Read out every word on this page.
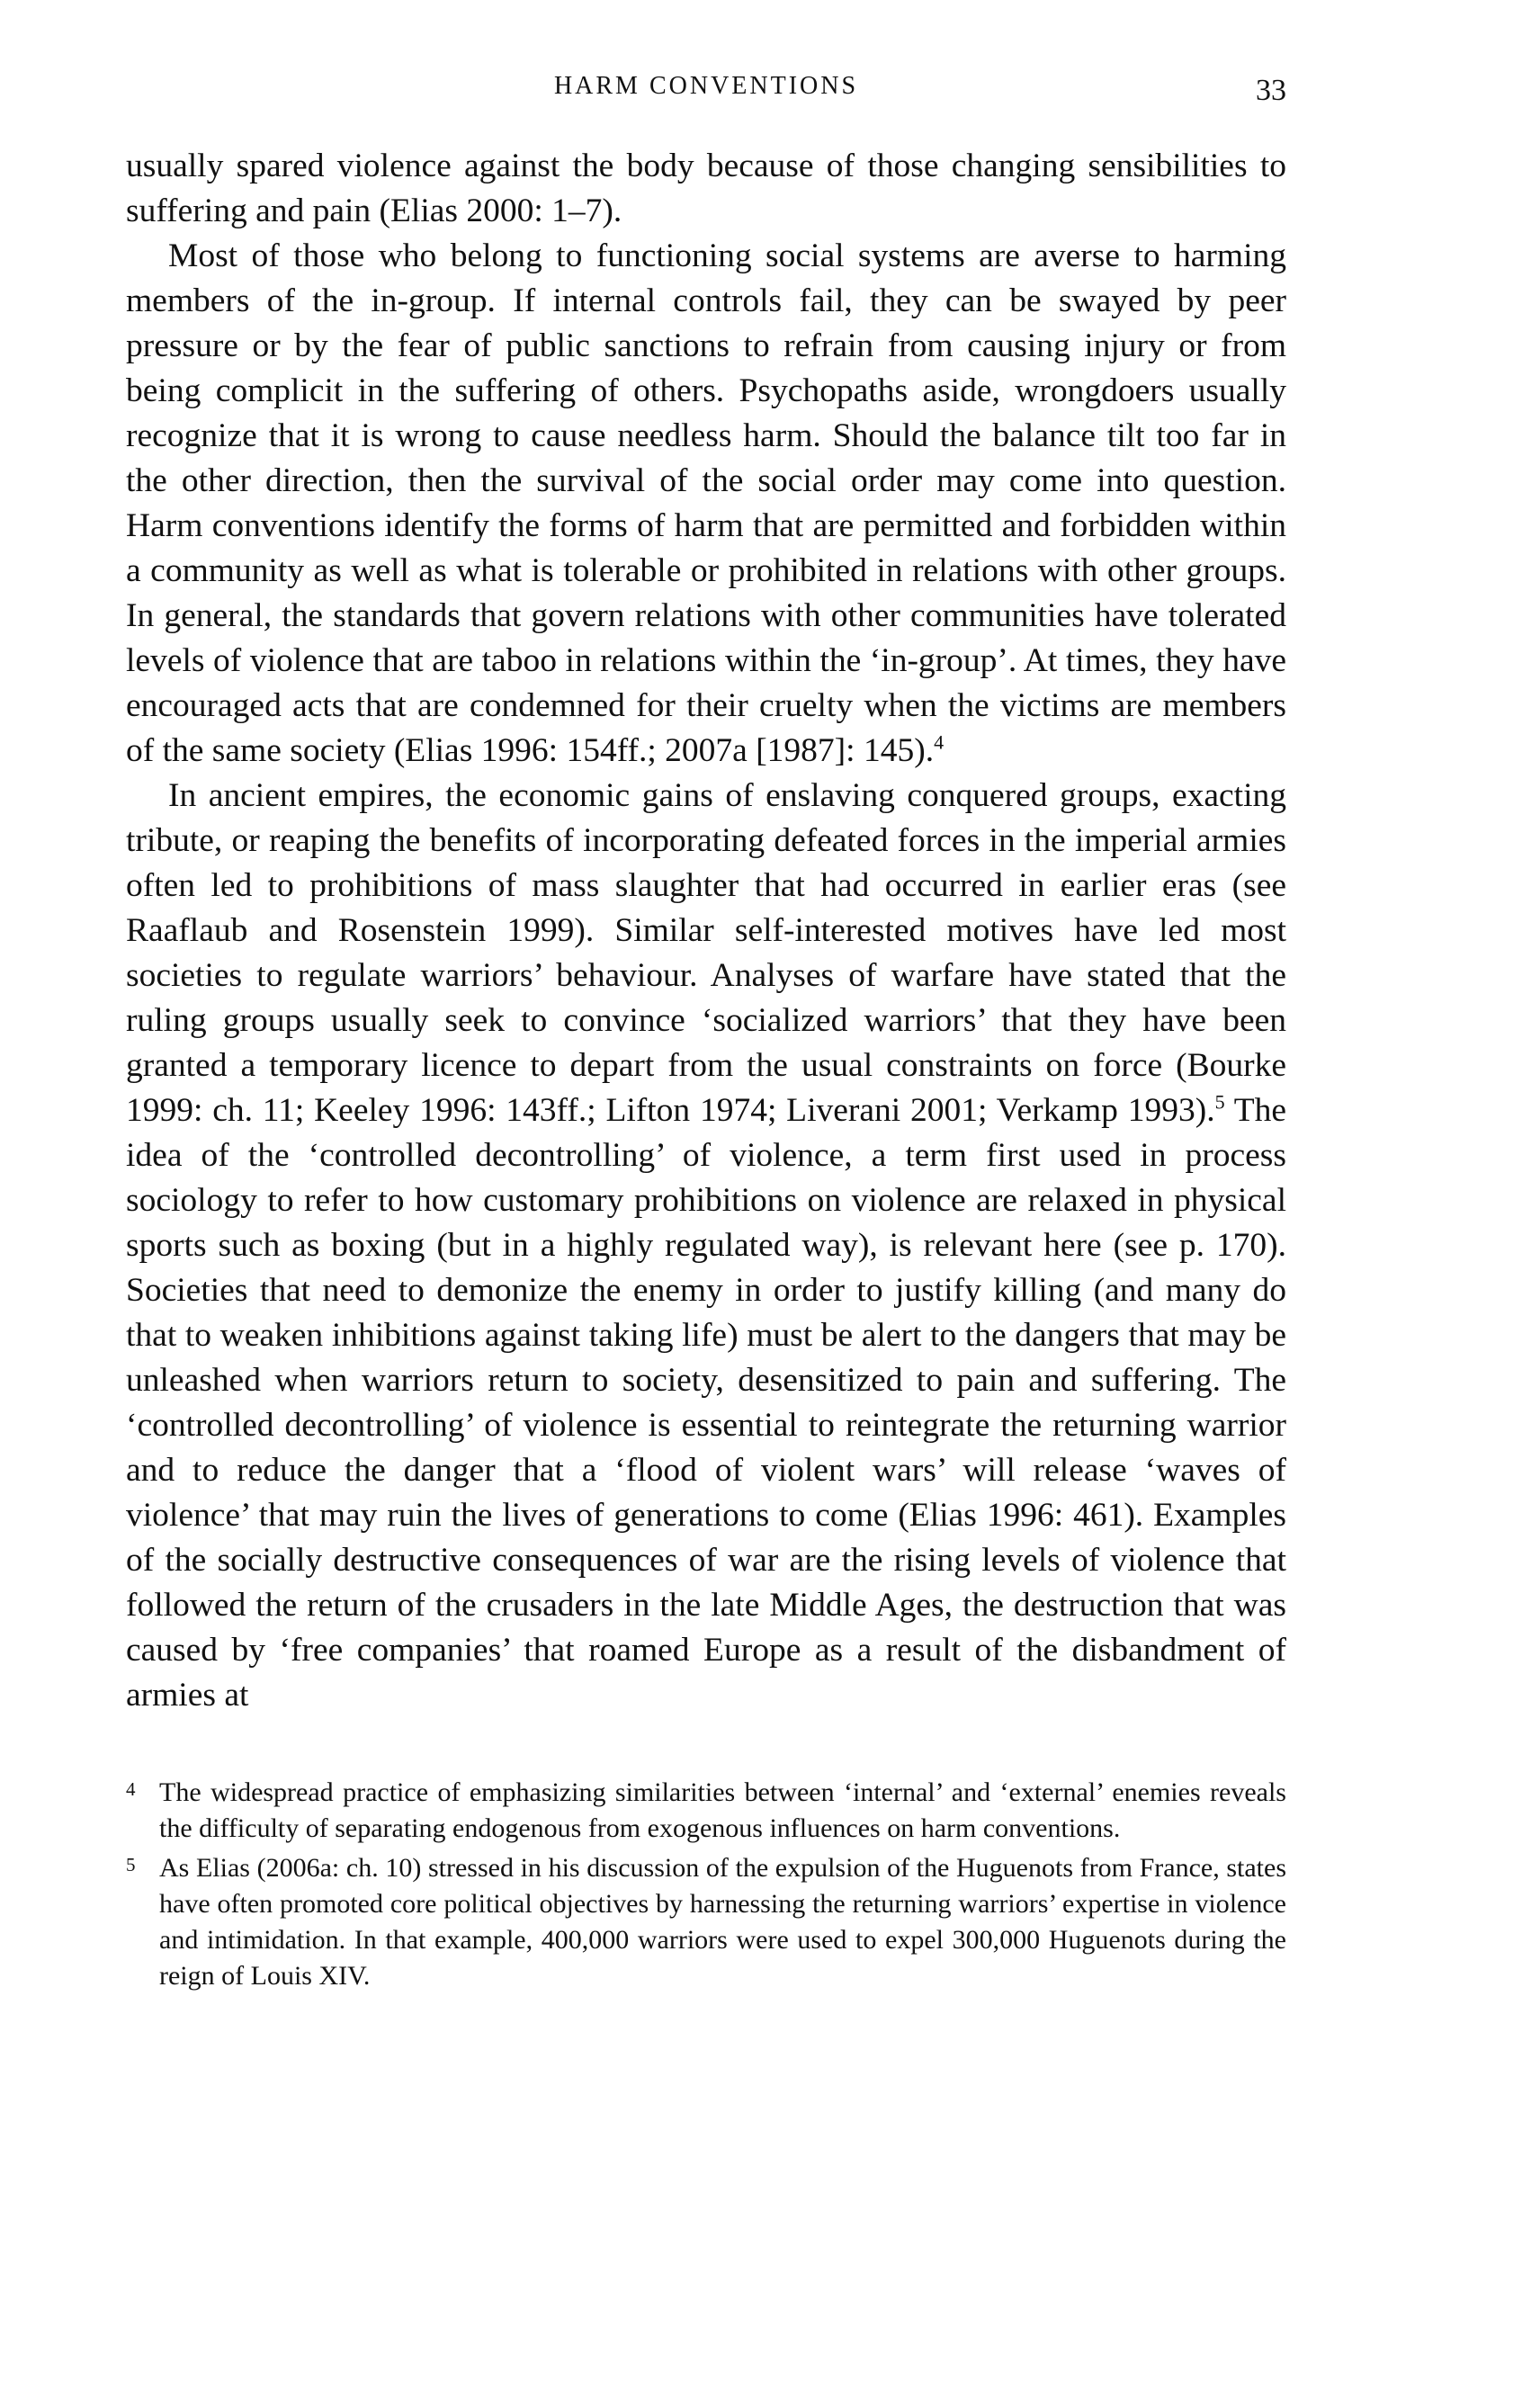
HARM CONVENTIONS	33

usually spared violence against the body because of those changing sensibilities to suffering and pain (Elias 2000: 1–7).

Most of those who belong to functioning social systems are averse to harming members of the in-group. If internal controls fail, they can be swayed by peer pressure or by the fear of public sanctions to refrain from causing injury or from being complicit in the suffering of others. Psychopaths aside, wrongdoers usually recognize that it is wrong to cause needless harm. Should the balance tilt too far in the other direction, then the survival of the social order may come into question. Harm conventions identify the forms of harm that are permitted and forbidden within a community as well as what is tolerable or prohibited in relations with other groups. In general, the standards that govern relations with other communities have tolerated levels of violence that are taboo in relations within the ‘in-group’. At times, they have encouraged acts that are condemned for their cruelty when the victims are members of the same society (Elias 1996: 154ff.; 2007a [1987]: 145).$^4$

In ancient empires, the economic gains of enslaving conquered groups, exacting tribute, or reaping the benefits of incorporating defeated forces in the imperial armies often led to prohibitions of mass slaughter that had occurred in earlier eras (see Raaflaub and Rosenstein 1999). Similar self-interested motives have led most societies to regulate warriors’ behaviour. Analyses of warfare have stated that the ruling groups usually seek to convince ‘socialized warriors’ that they have been granted a temporary licence to depart from the usual constraints on force (Bourke 1999: ch. 11; Keeley 1996: 143ff.; Lifton 1974; Liverani 2001; Verkamp 1993).$^5$ The idea of the ‘controlled decontrolling’ of violence, a term first used in process sociology to refer to how customary prohibitions on violence are relaxed in physical sports such as boxing (but in a highly regulated way), is relevant here (see p. 170). Societies that need to demonize the enemy in order to justify killing (and many do that to weaken inhibitions against taking life) must be alert to the dangers that may be unleashed when warriors return to society, desensitized to pain and suffering. The ‘controlled decontrolling’ of violence is essential to reintegrate the returning warrior and to reduce the danger that a ‘flood of violent wars’ will release ‘waves of violence’ that may ruin the lives of generations to come (Elias 1996: 461). Examples of the socially destructive consequences of war are the rising levels of violence that followed the return of the crusaders in the late Middle Ages, the destruction that was caused by ‘free companies’ that roamed Europe as a result of the disbandment of armies at

4 The widespread practice of emphasizing similarities between ‘internal’ and ‘external’ enemies reveals the difficulty of separating endogenous from exogenous influences on harm conventions.
5 As Elias (2006a: ch. 10) stressed in his discussion of the expulsion of the Huguenots from France, states have often promoted core political objectives by harnessing the returning warriors’ expertise in violence and intimidation. In that example, 400,000 warriors were used to expel 300,000 Huguenots during the reign of Louis XIV.
